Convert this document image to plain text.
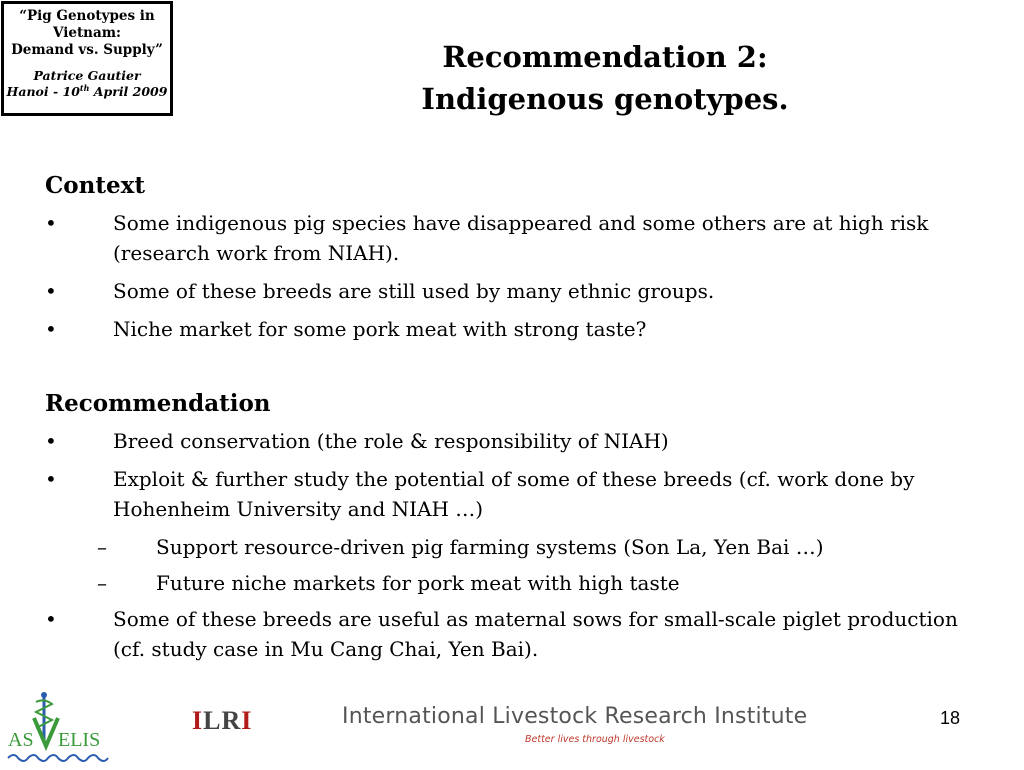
“Pig Genotypes in
Vietnam:
Demand vs. Supply”
Patrice Gautier
Hanoi - 10th April 2009
Recommendation 2:
Indigenous genotypes.
Context
•	Some indigenous pig species have disappeared and some others are at high risk (research work from NIAH).
•	Some of these breeds are still used by many ethnic groups.
•	Niche market for some pork meat with strong taste?
Recommendation
•	Breed conservation (the role & responsibility of NIAH)
•	Exploit & further study the potential of some of these breeds (cf. work done by Hohenheim University and NIAH …)
– Support resource-driven pig farming systems (Son La, Yen Bai …)
– Future niche markets for pork meat with high taste
•	Some of these breeds are useful as maternal sows for small-scale piglet production (cf. study case in Mu Cang Chai, Yen Bai).
AS ELIS
ILRI	International Livestock Research Institute
Better lives through livestock
18
